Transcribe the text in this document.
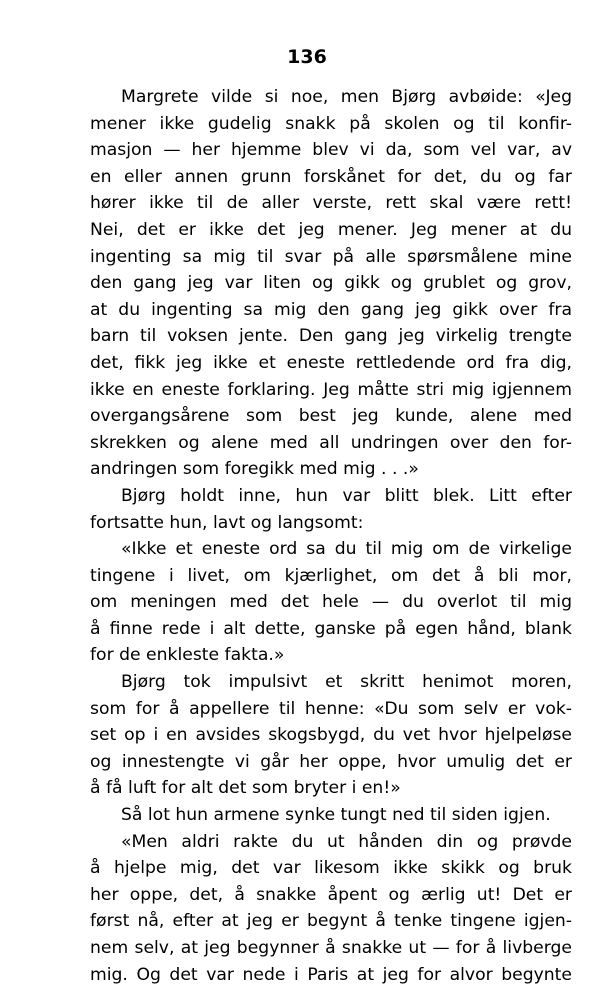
136
Margrete vilde si noe, men Bjørg avbøide: «Jeg
mener ikke gudelig snakk på skolen og til konfir-
masjon — her hjemme blev vi da, som vel var, av
en eller annen grunn forskånet for det, du og far
hører ikke til de aller verste, rett skal være rett!
Nei, det er ikke det jeg mener. Jeg mener at du
ingenting sa mig til svar på alle spørsmålene mine
den gang jeg var liten og gikk og grublet og grov,
at du ingenting sa mig den gang jeg gikk over fra
barn til voksen jente. Den gang jeg virkelig trengte
det, fikk jeg ikke et eneste rettledende ord fra dig,
ikke en eneste forklaring. Jeg måtte stri mig igjennem
overgangsårene som best jeg kunde, alene med
skrekken og alene med all undringen over den for-
andringen som foregikk med mig . . .»
Bjørg holdt inne, hun var blitt blek. Litt efter
fortsatte hun, lavt og langsomt:
«Ikke et eneste ord sa du til mig om de virkelige
tingene i livet, om kjærlighet, om det å bli mor,
om meningen med det hele — du overlot til mig
å finne rede i alt dette, ganske på egen hånd, blank
for de enkleste fakta.»
Bjørg tok impulsivt et skritt henimot moren,
som for å appellere til henne: «Du som selv er vok-
set op i en avsides skogsbygd, du vet hvor hjelpeløse
og innestengte vi går her oppe, hvor umulig det er
å få luft for alt det som bryter i en!»
Så lot hun armene synke tungt ned til siden igjen.
«Men aldri rakte du ut hånden din og prøvde
å hjelpe mig, det var likesom ikke skikk og bruk
her oppe, det, å snakke åpent og ærlig ut! Det er
først nå, efter at jeg er begynt å tenke tingene igjen-
nem selv, at jeg begynner å snakke ut — for å livberge
mig. Og det var nede i Paris at jeg for alvor begynte
